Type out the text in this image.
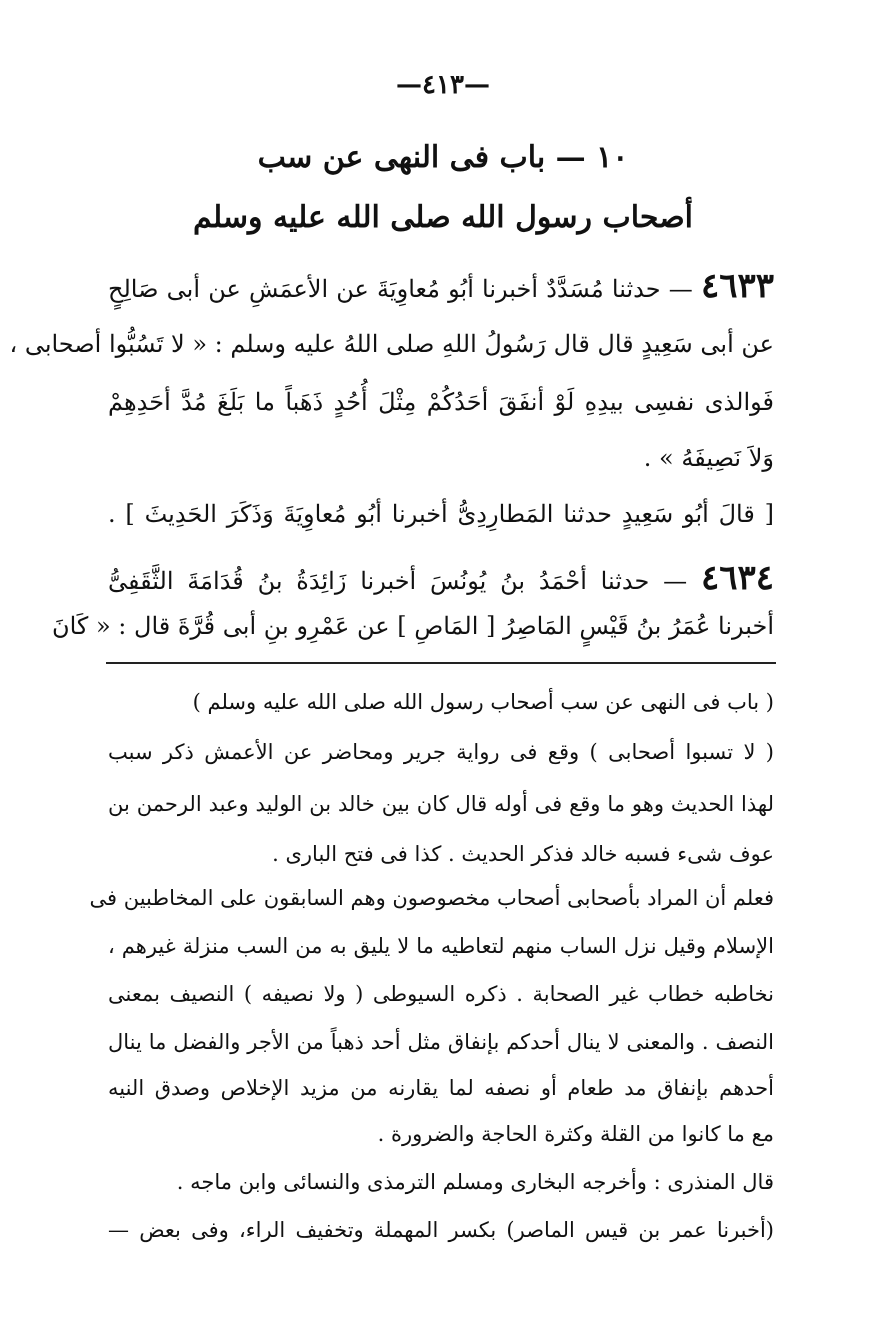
—٤١٣—
١٠ — باب فى النهى عن سب
أصحاب رسول الله صلى الله عليه وسلم
٤٦٣٣ — حدثنا مُسَدَّدٌ أخبرنا أبُو مُعاوِيَةَ عن الأعمَشِ عن أبى صَالِحٍ
عن أبى سَعِيدٍ قال قال رَسُولُ اللهِ صلى اللهُ عليه وسلم : « لا تَسُبُّوا أصحابى ،
فَوالذى نفسِى بيدِهِ لَوْ أنفَقَ أحَدُكُمْ مِثْلَ أُحُدٍ ذَهَباً ما بَلَغَ مُدَّ أحَدِهِمْ
وَلاَ نَصِيفَهُ » .
[ قالَ أبُو سَعِيدٍ حدثنا المَطارِدِىُّ أخبرنا أبُو مُعاوِيَةَ وَذَكَرَ الحَدِيثَ ] .
٤٦٣٤ — حدثنا أحْمَدُ بنُ يُونُسَ أخبرنا زَائِدَةُ بنُ قُدَامَةَ الثَّقَفِىُّ
أخبرنا عُمَرُ بنُ قَيْسٍ المَاصِرُ [ المَاصِ ] عن عَمْرِو بنِ أبى قُرَّةَ قال : « كَانَ
( باب فى النهى عن سب أصحاب رسول الله صلى الله عليه وسلم )
( لا تسبوا أصحابى ) وقع فى رواية جرير ومحاضر عن الأعمش ذكر سبب
لهذا الحديث وهو ما وقع فى أوله قال كان بين خالد بن الوليد وعبد الرحمن بن
عوف شىء فسبه خالد فذكر الحديث . كذا فى فتح البارى .
فعلم أن المراد بأصحابى أصحاب مخصوصون وهم السابقون على المخاطبين فى
الإسلام وقيل نزل الساب منهم لتعاطيه ما لا يليق به من السب منزلة غيرهم ،
نخاطبه خطاب غير الصحابة . ذكره السيوطى ( ولا نصيفه ) النصيف بمعنى
النصف . والمعنى لا ينال أحدكم بإنفاق مثل أحد ذهباً من الأجر والفضل ما ينال
أحدهم بإنفاق مد طعام أو نصفه لما يقارنه من مزيد الإخلاص وصدق النيه
مع ما كانوا من القلة وكثرة الحاجة والضرورة .
قال المنذرى : وأخرجه البخارى ومسلم الترمذى والنسائى وابن ماجه .
(أخبرنا عمر بن قيس الماصر) بكسر المهملة وتخفيف الراء، وفى بعض —
